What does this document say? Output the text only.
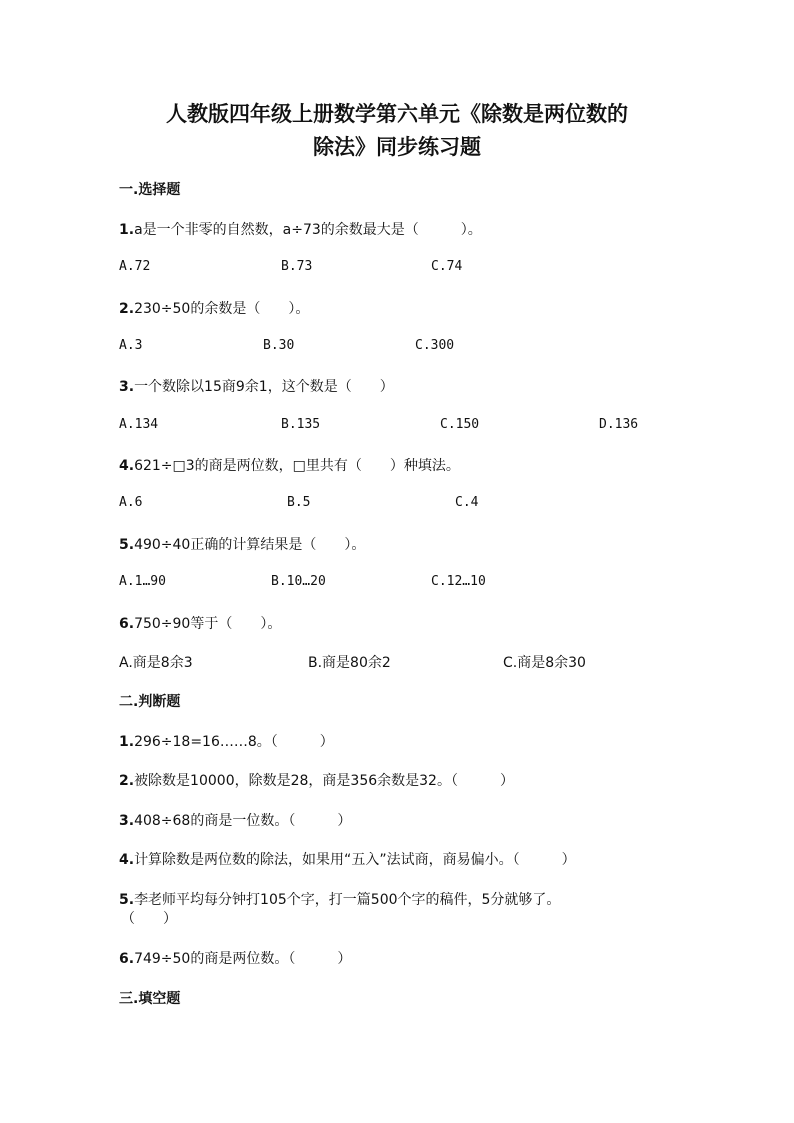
人教版四年级上册数学第六单元《除数是两位数的
除法》同步练习题
一.选择题
1.a是一个非零的自然数，a÷73的余数最大是（　　　）。
A.72	B.73	C.74
2.230÷50的余数是（　　）。
A.3	B.30	C.300
3.一个数除以15商9余1，这个数是（　　）
A.134	B.135	C.150	D.136
4.621÷□3的商是两位数，□里共有（　　）种填法。
A.6	B.5	C.4
5.490÷40正确的计算结果是（　　）。
A.1…90	B.10…20	C.12…10
6.750÷90等于（　　）。
A.商是8余3	B.商是80余2	C.商是8余30
二.判断题
1.296÷18=16……8。（　　　）
2.被除数是10000，除数是28，商是356余数是32。（　　　）
3.408÷68的商是一位数。（　　　）
4.计算除数是两位数的除法，如果用“五入”法试商，商易偏小。（　　　）
5.李老师平均每分钟打105个字，打一篇500个字的稿件，5分就够了。
（　　）
6.749÷50的商是两位数。（　　　）
三.填空题
